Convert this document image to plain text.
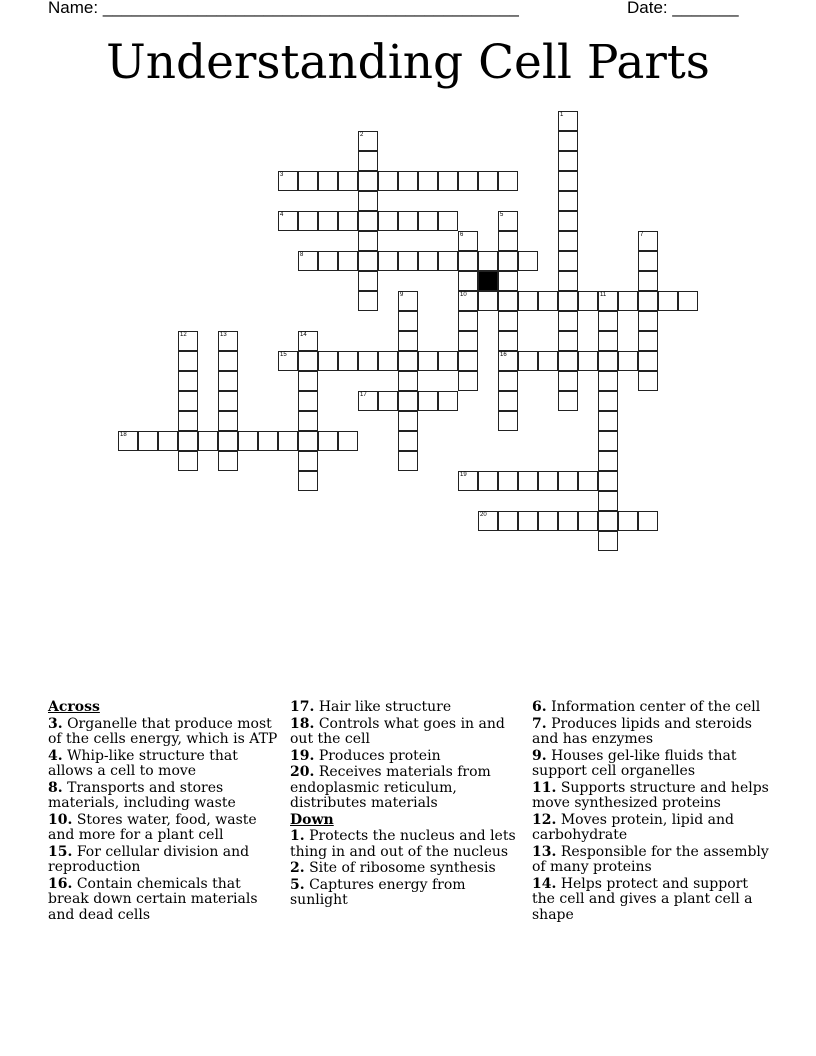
Name: ____________________________________________	Date: _______
Understanding Cell Parts
1
2
3
4	5
16
6
10
7
8
9	11
12	13	14
15
17
18
19
20
Across
3. Organelle that produce most of the cells energy, which is ATP
4. Whip-like structure that allows a cell to move
8. Transports and stores materials, including waste
10. Stores water, food, waste and more for a plant cell
15. For cellular division and reproduction
16. Contain chemicals that break down certain materials and dead cells
17. Hair like structure
18. Controls what goes in and out the cell
19. Produces protein
20. Receives materials from endoplasmic reticulum, distributes materials
Down
1. Protects the nucleus and lets thing in and out of the nucleus
2. Site of ribosome synthesis
5. Captures energy from sunlight
6. Information center of the cell
7. Produces lipids and steroids and has enzymes
9. Houses gel-like fluids that support cell organelles
11. Supports structure and helps move synthesized proteins
12. Moves protein, lipid and carbohydrate
13. Responsible for the assembly of many proteins
14. Helps protect and support the cell and gives a plant cell a shape
